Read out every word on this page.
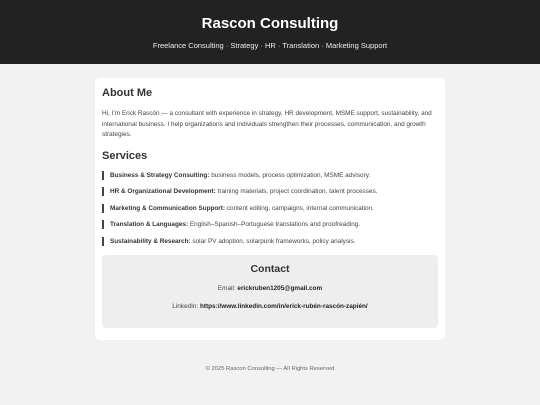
Rascon Consulting
Freelance Consulting · Strategy · HR · Translation · Marketing Support
About Me

Hi, I’m Erick Rascón — a consultant with experience in strategy, HR development, MSME support, sustainability, and international business. I help organizations and individuals strengthen their processes, communication, and growth strategies.

Services
Business & Strategy Consulting: business models, process optimization, MSME advisory.
HR & Organizational Development: training materials, project coordination, talent processes.
Marketing & Communication Support: content editing, campaigns, internal communication.
Translation & Languages: English–Spanish–Portuguese translations and proofreading.
Sustainability & Research: solar PV adoption, solarpunk frameworks, policy analysis.
Contact
Email: erickruben1205@gmail.com
LinkedIn: https://www.linkedin.com/in/erick-rubén-rascón-zapién/
© 2025 Rascon Consulting — All Rights Reserved
